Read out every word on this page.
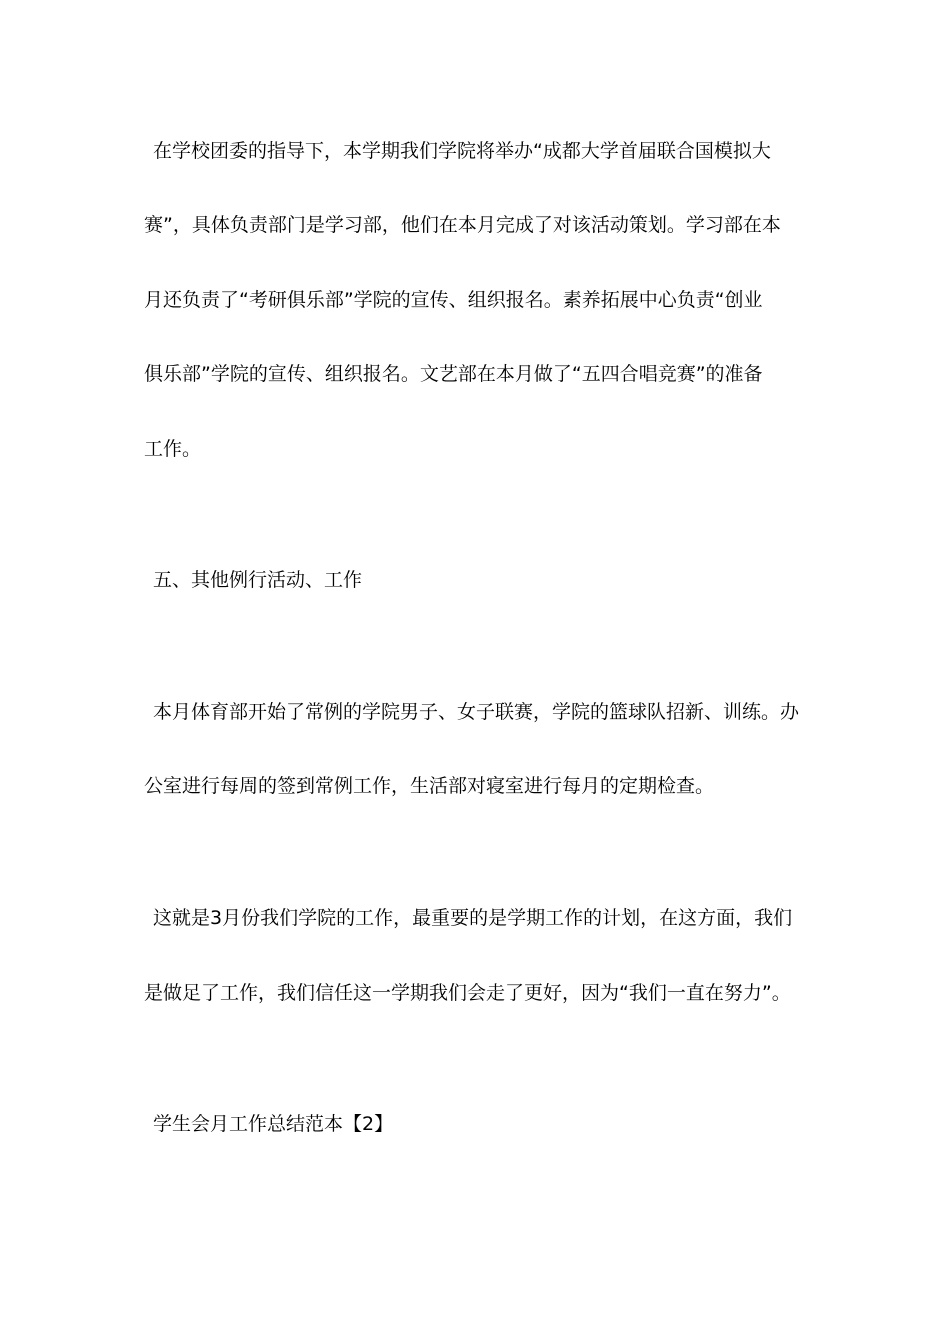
在学校团委的指导下，本学期我们学院将举办“成都大学首届联合国模拟大
赛”，具体负责部门是学习部，他们在本月完成了对该活动策划。学习部在本
月还负责了“考研俱乐部”学院的宣传、组织报名。素养拓展中心负责“创业
俱乐部”学院的宣传、组织报名。文艺部在本月做了“五四合唱竞赛”的准备
工作。
五、其他例行活动、工作
本月体育部开始了常例的学院男子、女子联赛，学院的篮球队招新、训练。办
公室进行每周的签到常例工作，生活部对寝室进行每月的定期检查。
这就是3月份我们学院的工作，最重要的是学期工作的计划，在这方面，我们
是做足了工作，我们信任这一学期我们会走了更好，因为“我们一直在努力”。
学生会月工作总结范本【2】
